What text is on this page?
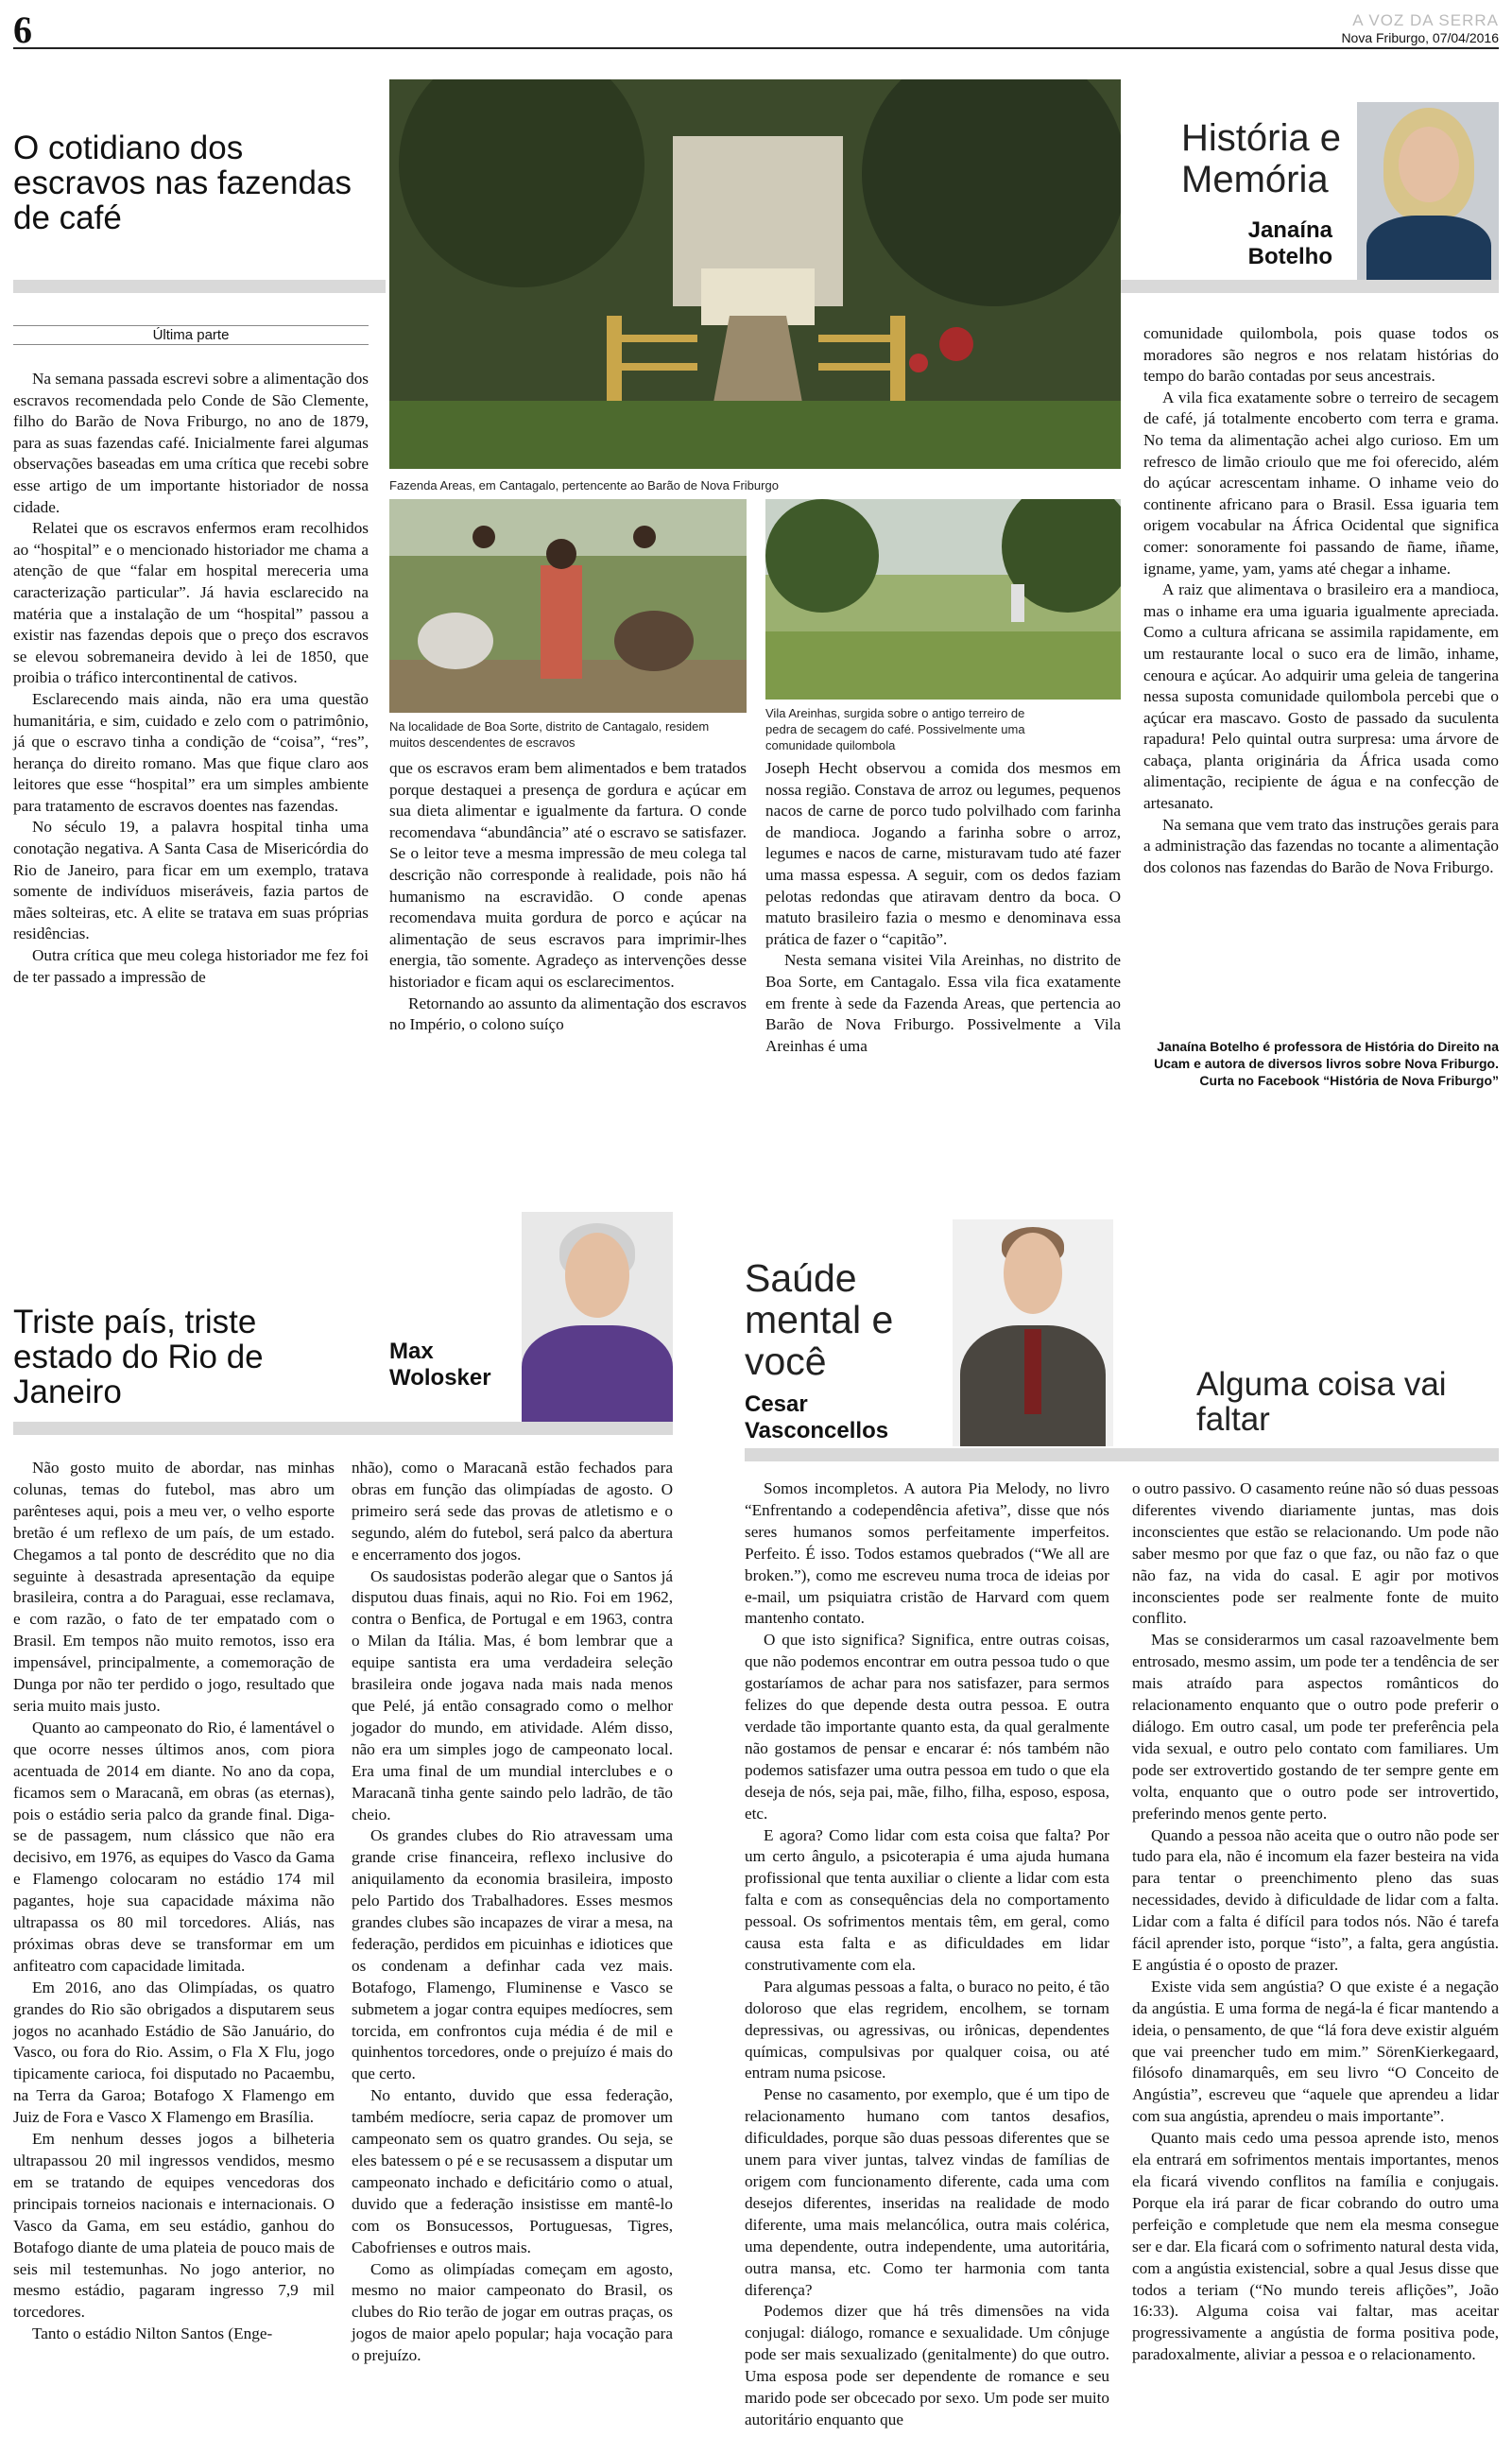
6	A VOZ DA SERRA
Nova Friburgo, 07/04/2016
O cotidiano dos escravos nas fazendas de café
Fazenda Areas, em Cantagalo, pertencente ao Barão de Nova Friburgo
Na localidade de Boa Sorte, distrito de Cantagalo, residem muitos descendentes de escravos
Vila Areinhas, surgida sobre o antigo terreiro de pedra de secagem do café. Possivelmente uma comunidade quilombola
História e Memória
Janaína Botelho
Última parte

Na semana passada escrevi sobre a alimentação dos escravos recomendada pelo Conde de São Clemente, filho do Barão de Nova Friburgo, no ano de 1879, para as suas fazendas café. Inicialmente farei algumas observações baseadas em uma crítica que recebi sobre esse artigo de um importante historiador de nossa cidade.

Relatei que os escravos enfermos eram recolhidos ao “hospital” e o mencionado historiador me chama a atenção de que “falar em hospital mereceria uma caracterização particular”. Já havia esclarecido na matéria que a instalação de um “hospital” passou a existir nas fazendas depois que o preço dos escravos se elevou sobremaneira devido à lei de 1850, que proibia o tráfico intercontinental de cativos.

Esclarecendo mais ainda, não era uma questão humanitária, e sim, cuidado e zelo com o patrimônio, já que o escravo tinha a condição de “coisa”, “res”, herança do direito romano. Mas que fique claro aos leitores que esse “hospital” era um simples ambiente para tratamento de escravos doentes nas fazendas.

No século 19, a palavra hospital tinha uma conotação negativa. A Santa Casa de Misericórdia do Rio de Janeiro, para ficar em um exemplo, tratava somente de indivíduos miseráveis, fazia partos de mães solteiras, etc. A elite se tratava em suas próprias residências.

Outra crítica que meu colega historiador me fez foi de ter passado a impressão de

que os escravos eram bem alimentados e bem tratados porque destaquei a presença de gordura e açúcar em sua dieta alimentar e igualmente da fartura. O conde recomendava “abundância” até o escravo se satisfazer. Se o leitor teve a mesma impressão de meu colega tal descrição não corresponde à realidade, pois não há humanismo na escravidão. O conde apenas recomendava muita gordura de porco e açúcar na alimentação de seus escravos para imprimir-lhes energia, tão somente. Agradeço as intervenções desse historiador e ficam aqui os esclarecimentos.

Retornando ao assunto da alimentação dos escravos no Império, o colono suíço

Joseph Hecht observou a comida dos mesmos em nossa região. Constava de arroz ou legumes, pequenos nacos de carne de porco tudo polvilhado com farinha de mandioca. Jogando a farinha sobre o arroz, legumes e nacos de carne, misturavam tudo até fazer uma massa espessa. A seguir, com os dedos faziam pelotas redondas que atiravam dentro da boca. O matuto brasileiro fazia o mesmo e denominava essa prática de fazer o “capitão”.

Nesta semana visitei Vila Areinhas, no distrito de Boa Sorte, em Cantagalo. Essa vila fica exatamente em frente à sede da Fazenda Areas, que pertencia ao Barão de Nova Friburgo. Possivelmente a Vila Areinhas é uma

comunidade quilombola, pois quase todos os moradores são negros e nos relatam histórias do tempo do barão contadas por seus ancestrais.

A vila fica exatamente sobre o terreiro de secagem de café, já totalmente encoberto com terra e grama. No tema da alimentação achei algo curioso. Em um refresco de limão crioulo que me foi oferecido, além do açúcar acrescentam inhame. O inhame veio do continente africano para o Brasil. Essa iguaria tem origem vocabular na África Ocidental que significa comer: sonoramente foi passando de ñame, iñame, igname, yame, yam, yams até chegar a inhame.

A raiz que alimentava o brasileiro era a mandioca, mas o inhame era uma iguaria igualmente apreciada. Como a cultura africana se assimila rapidamente, em um restaurante local o suco era de limão, inhame, cenoura e açúcar. Ao adquirir uma geleia de tangerina nessa suposta comunidade quilombola percebi que o açúcar era mascavo. Gosto de passado da suculenta rapadura! Pelo quintal outra surpresa: uma árvore de cabaça, planta originária da África usada como alimentação, recipiente de água e na confecção de artesanato.

Na semana que vem trato das instruções gerais para a administração das fazendas no tocante a alimentação dos colonos nas fazendas do Barão de Nova Friburgo.

Janaína Botelho é professora de História do Direito na Ucam e autora de diversos livros sobre Nova Friburgo. Curta no Facebook “História de Nova Friburgo”
Triste país, triste estado do Rio de Janeiro
Max Wolosker

Não gosto muito de abordar, nas minhas colunas, temas do futebol, mas abro um parênteses aqui, pois a meu ver, o velho esporte bretão é um reflexo de um país, de um estado. Chegamos a tal ponto de descrédito que no dia seguinte à desastrada apresentação da equipe brasileira, contra a do Paraguai, esse reclamava, e com razão, o fato de ter empatado com o Brasil. Em tempos não muito remotos, isso era impensável, principalmente, a comemoração de Dunga por não ter perdido o jogo, resultado que seria muito mais justo.

Quanto ao campeonato do Rio, é lamentável o que ocorre nesses últimos anos, com piora acentuada de 2014 em diante. No ano da copa, ficamos sem o Maracanã, em obras (as eternas), pois o estádio seria palco da grande final. Diga-se de passagem, num clássico que não era decisivo, em 1976, as equipes do Vasco da Gama e Flamengo colocaram no estádio 174 mil pagantes, hoje sua capacidade máxima não ultrapassa os 80 mil torcedores. Aliás, nas próximas obras deve se transformar em um anfiteatro com capacidade limitada.

Em 2016, ano das Olimpíadas, os quatro grandes do Rio são obrigados a disputarem seus jogos no acanhado Estádio de São Januário, do Vasco, ou fora do Rio. Assim, o Fla X Flu, jogo tipicamente carioca, foi disputado no Pacaembu, na Terra da Garoa; Botafogo X Flamengo em Juiz de Fora e Vasco X Flamengo em Brasília.

Em nenhum desses jogos a bilheteria ultrapassou 20 mil ingressos vendidos, mesmo em se tratando de equipes vencedoras dos principais torneios nacionais e internacionais. O Vasco da Gama, em seu estádio, ganhou do Botafogo diante de uma plateia de pouco mais de seis mil testemunhas. No jogo anterior, no mesmo estádio, pagaram ingresso 7,9 mil torcedores.

Tanto o estádio Nilton Santos (Enge-

nhão), como o Maracanã estão fechados para obras em função das olimpíadas de agosto. O primeiro será sede das provas de atletismo e o segundo, além do futebol, será palco da abertura e encerramento dos jogos.

Os saudosistas poderão alegar que o Santos já disputou duas finais, aqui no Rio. Foi em 1962, contra o Benfica, de Portugal e em 1963, contra o Milan da Itália. Mas, é bom lembrar que a equipe santista era uma verdadeira seleção brasileira onde jogava nada mais nada menos que Pelé, já então consagrado como o melhor jogador do mundo, em atividade. Além disso, não era um simples jogo de campeonato local. Era uma final de um mundial interclubes e o Maracanã tinha gente saindo pelo ladrão, de tão cheio.

Os grandes clubes do Rio atravessam uma grande crise financeira, reflexo inclusive do aniquilamento da economia brasileira, imposto pelo Partido dos Trabalhadores. Esses mesmos grandes clubes são incapazes de virar a mesa, na federação, perdidos em picuinhas e idiotices que os condenam a definhar cada vez mais. Botafogo, Flamengo, Fluminense e Vasco se submetem a jogar contra equipes medíocres, sem torcida, em confrontos cuja média é de mil e quinhentos torcedores, onde o prejuízo é mais do que certo.

No entanto, duvido que essa federação, também medíocre, seria capaz de promover um campeonato sem os quatro grandes. Ou seja, se eles batessem o pé e se recusassem a disputar um campeonato inchado e deficitário como o atual, duvido que a federação insistisse em mantê-lo com os Bonsucessos, Portuguesas, Tigres, Cabofrienses e outros mais.

Como as olimpíadas começam em agosto, mesmo no maior campeonato do Brasil, os clubes do Rio terão de jogar em outras praças, os jogos de maior apelo popular; haja vocação para o prejuízo.

Saúde mental e você
Cesar Vasconcellos
Alguma coisa vai faltar

Somos incompletos. A autora Pia Melody, no livro “Enfrentando a codependência afetiva”, disse que nós seres humanos somos perfeitamente imperfeitos. Perfeito. É isso. Todos estamos quebrados (“We all are broken.”), como me escreveu numa troca de ideias por e-mail, um psiquiatra cristão de Harvard com quem mantenho contato.

O que isto significa? Significa, entre outras coisas, que não podemos encontrar em outra pessoa tudo o que gostaríamos de achar para nos satisfazer, para sermos felizes do que depende desta outra pessoa. E outra verdade tão importante quanto esta, da qual geralmente não gostamos de pensar e encarar é: nós também não podemos satisfazer uma outra pessoa em tudo o que ela deseja de nós, seja pai, mãe, filho, filha, esposo, esposa, etc.

E agora? Como lidar com esta coisa que falta? Por um certo ângulo, a psicoterapia é uma ajuda humana profissional que tenta auxiliar o cliente a lidar com esta falta e com as consequências dela no comportamento pessoal. Os sofrimentos mentais têm, em geral, como causa esta falta e as dificuldades em lidar construtivamente com ela.

Para algumas pessoas a falta, o buraco no peito, é tão doloroso que elas regridem, encolhem, se tornam depressivas, ou agressivas, ou irônicas, dependentes químicas, compulsivas por qualquer coisa, ou até entram numa psicose.

Pense no casamento, por exemplo, que é um tipo de relacionamento humano com tantos desafios, dificuldades, porque são duas pessoas diferentes que se unem para viver juntas, talvez vindas de famílias de origem com funcionamento diferente, cada uma com desejos diferentes, inseridas na realidade de modo diferente, uma mais melancólica, outra mais colérica, uma dependente, outra independente, uma autoritária, outra mansa, etc. Como ter harmonia com tanta diferença?

Podemos dizer que há três dimensões na vida conjugal: diálogo, romance e sexualidade. Um cônjuge pode ser mais sexualizado (genitalmente) do que outro. Uma esposa pode ser dependente de romance e seu marido pode ser obcecado por sexo. Um pode ser muito autoritário enquanto que

o outro passivo. O casamento reúne não só duas pessoas diferentes vivendo diariamente juntas, mas dois inconscientes que estão se relacionando. Um pode não saber mesmo por que faz o que faz, ou não faz o que não faz, na vida do casal. E agir por motivos inconscientes pode ser realmente fonte de muito conflito.

Mas se considerarmos um casal razoavelmente bem entrosado, mesmo assim, um pode ter a tendência de ser mais atraído para aspectos românticos do relacionamento enquanto que o outro pode preferir o diálogo. Em outro casal, um pode ter preferência pela vida sexual, e outro pelo contato com familiares. Um pode ser extrovertido gostando de ter sempre gente em volta, enquanto que o outro pode ser introvertido, preferindo menos gente perto.

Quando a pessoa não aceita que o outro não pode ser tudo para ela, não é incomum ela fazer besteira na vida para tentar o preenchimento pleno das suas necessidades, devido à dificuldade de lidar com a falta. Lidar com a falta é difícil para todos nós. Não é tarefa fácil aprender isto, porque “isto”, a falta, gera angústia. E angústia é o oposto de prazer.

Existe vida sem angústia? O que existe é a negação da angústia. E uma forma de negá-la é ficar mantendo a ideia, o pensamento, de que “lá fora deve existir alguém que vai preencher tudo em mim.” SörenKierkegaard, filósofo dinamarquês, em seu livro “O Conceito de Angústia”, escreveu que “aquele que aprendeu a lidar com sua angústia, aprendeu o mais importante”.

Quanto mais cedo uma pessoa aprende isto, menos ela entrará em sofrimentos mentais importantes, menos ela ficará vivendo conflitos na família e conjugais. Porque ela irá parar de ficar cobrando do outro uma perfeição e completude que nem ela mesma consegue ser e dar. Ela ficará com o sofrimento natural desta vida, com a angústia existencial, sobre a qual Jesus disse que todos a teriam (“No mundo tereis aflições”, João 16:33). Alguma coisa vai faltar, mas aceitar progressivamente a angústia de forma positiva pode, paradoxalmente, aliviar a pessoa e o relacionamento.
